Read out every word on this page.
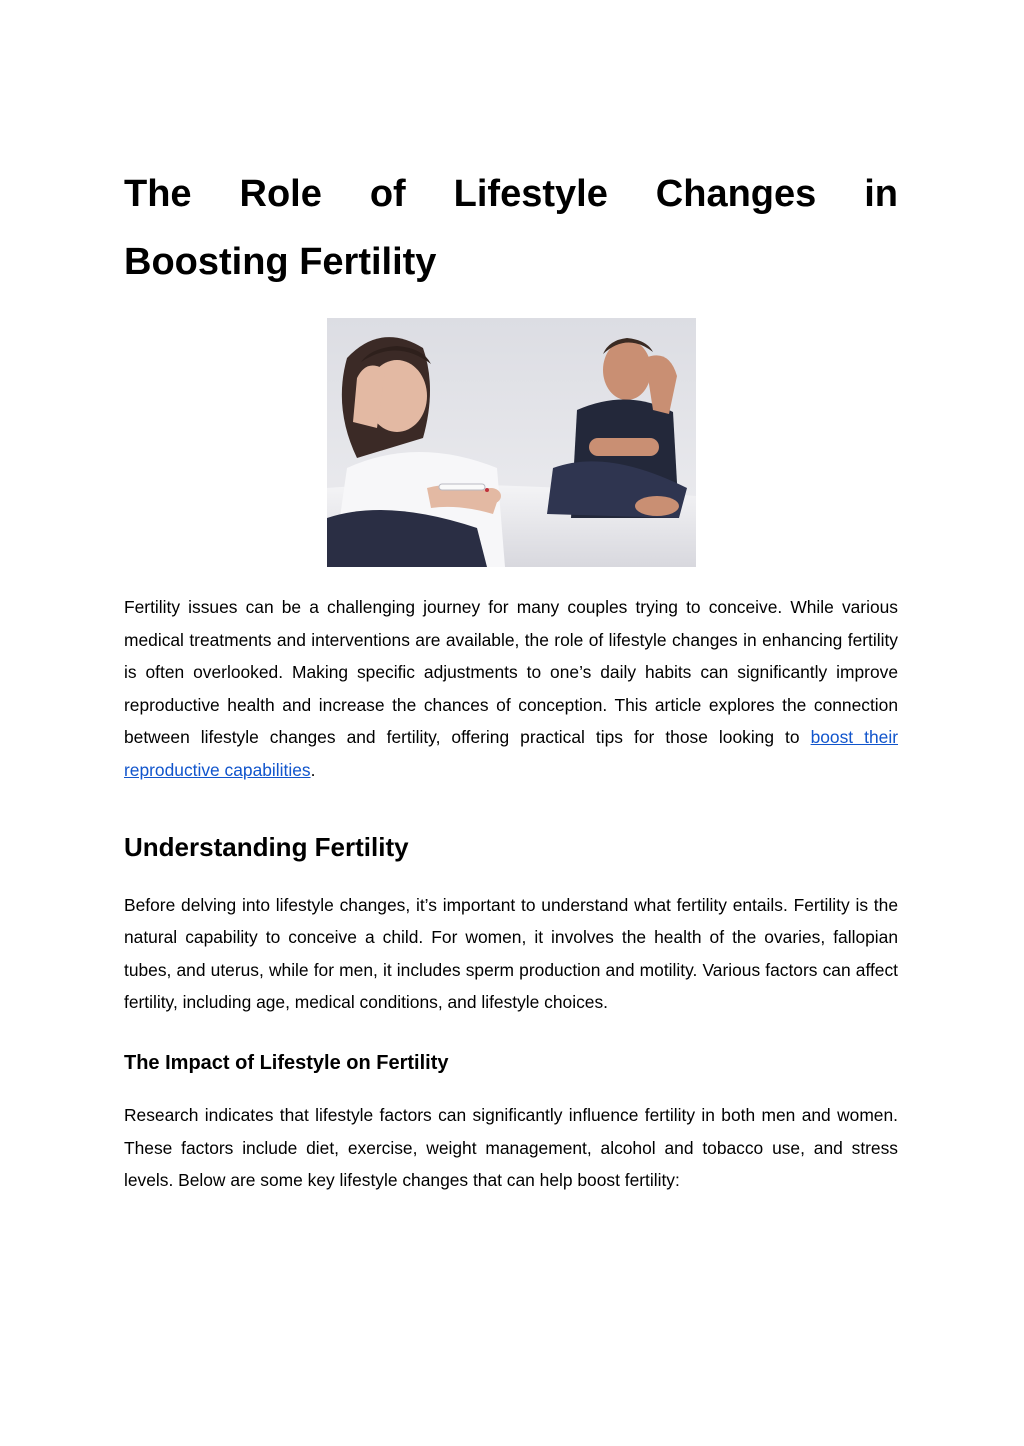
The Role of Lifestyle Changes in
Boosting Fertility

Fertility issues can be a challenging journey for many couples trying to conceive. While various medical treatments and interventions are available, the role of lifestyle changes in enhancing fertility is often overlooked. Making specific adjustments to one’s daily habits can significantly improve reproductive health and increase the chances of conception. This article explores the connection between lifestyle changes and fertility, offering practical tips for those looking to boost their reproductive capabilities.

Understanding Fertility

Before delving into lifestyle changes, it’s important to understand what fertility entails. Fertility is the natural capability to conceive a child. For women, it involves the health of the ovaries, fallopian tubes, and uterus, while for men, it includes sperm production and motility. Various factors can affect fertility, including age, medical conditions, and lifestyle choices.

The Impact of Lifestyle on Fertility

Research indicates that lifestyle factors can significantly influence fertility in both men and women. These factors include diet, exercise, weight management, alcohol and tobacco use, and stress levels. Below are some key lifestyle changes that can help boost fertility:
